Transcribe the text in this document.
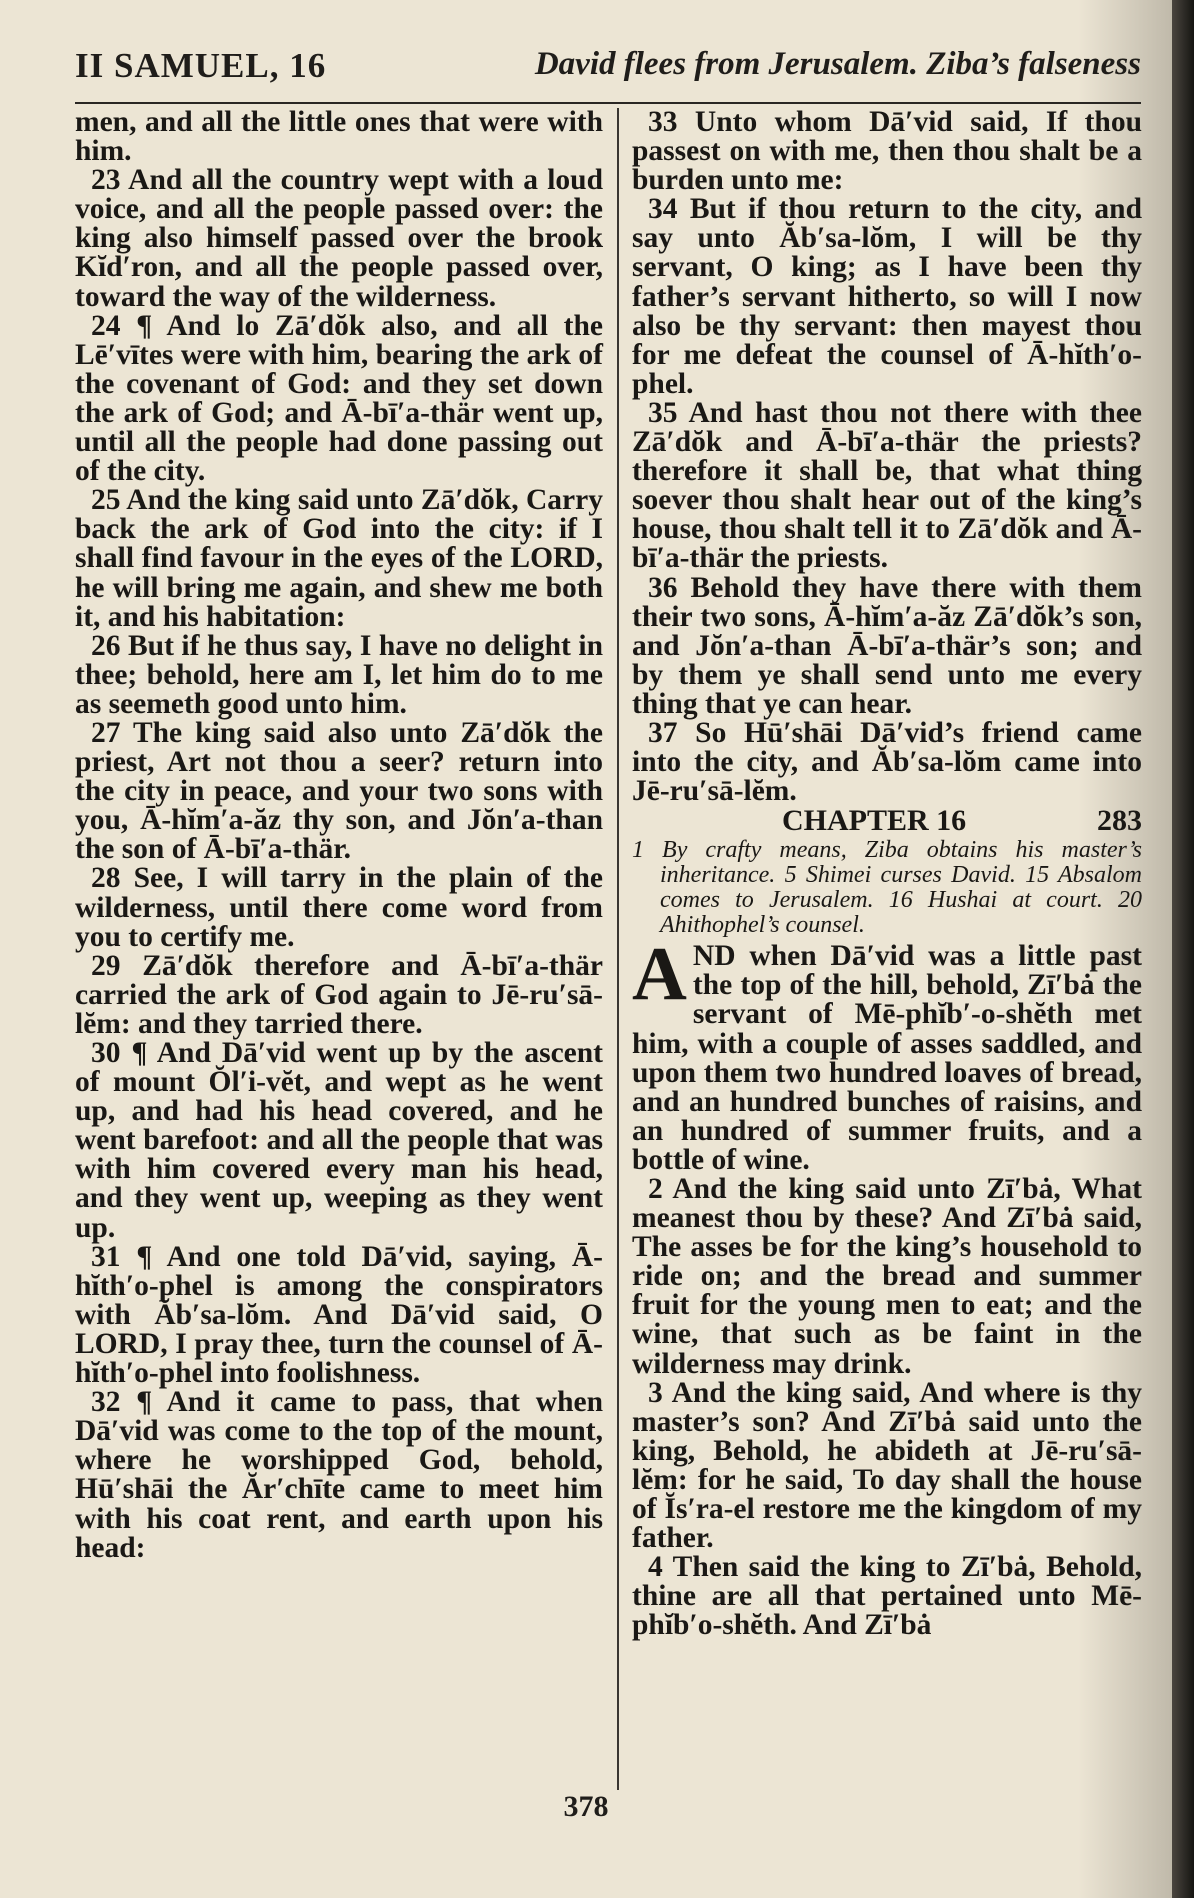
II SAMUEL, 16	David flees from Jerusalem. Ziba’s falseness

men, and all the little ones that were with him.

23 And all the country wept with a loud voice, and all the people passed over: the king also himself passed over the brook Kĭd′ron, and all the people passed over, toward the way of the wilderness.

24 ¶ And lo Zā′dŏk also, and all the Lē′vītes were with him, bearing the ark of the covenant of God: and they set down the ark of God; and Ā-bī′a-thär went up, until all the people had done passing out of the city.

25 And the king said unto Zā′dŏk, Carry back the ark of God into the city: if I shall find favour in the eyes of the LORD, he will bring me again, and shew me both it, and his habitation:

26 But if he thus say, I have no delight in thee; behold, here am I, let him do to me as seemeth good unto him.

27 The king said also unto Zā′dŏk the priest, Art not thou a seer? return into the city in peace, and your two sons with you, Ā-hĭm′a-ăz thy son, and Jŏn′a-than the son of Ā-bī′a-thär.

28 See, I will tarry in the plain of the wilderness, until there come word from you to certify me.

29 Zā′dŏk therefore and Ā-bī′a-thär carried the ark of God again to Jē-ru′sā-lĕm: and they tarried there.

30 ¶ And Dā′vid went up by the ascent of mount Ŏl′i-vĕt, and wept as he went up, and had his head covered, and he went barefoot: and all the people that was with him covered every man his head, and they went up, weeping as they went up.

31 ¶ And one told Dā′vid, saying, Ā-hĭth′o-phel is among the conspirators with Ăb′sa-lŏm. And Dā′vid said, O LORD, I pray thee, turn the counsel of Ā-hĭth′o-phel into foolishness.

32 ¶ And it came to pass, that when Dā′vid was come to the top of the mount, where he worshipped God, behold, Hū′shāi the Ăr′chīte came to meet him with his coat rent, and earth upon his head:

33 Unto whom Dā′vid said, If thou passest on with me, then thou shalt be a burden unto me:

34 But if thou return to the city, and say unto Ăb′sa-lŏm, I will be thy servant, O king; as I have been thy father’s servant hitherto, so will I now also be thy servant: then mayest thou for me defeat the counsel of Ā-hĭth′o-phel.

35 And hast thou not there with thee Zā′dŏk and Ā-bī′a-thär the priests? therefore it shall be, that what thing soever thou shalt hear out of the king’s house, thou shalt tell it to Zā′dŏk and Ā-bī′a-thär the priests.

36 Behold they have there with them their two sons, Ā-hĭm′a-ăz Zā′dŏk’s son, and Jŏn′a-than Ā-bī′a-thär’s son; and by them ye shall send unto me every thing that ye can hear.

37 So Hū′shāi Dā′vid’s friend came into the city, and Ăb′sa-lŏm came into Jē-ru′sā-lĕm.

CHAPTER 16	283

1 By crafty means, Ziba obtains his master’s inheritance. 5 Shimei curses David. 15 Absalom comes to Jerusalem. 16 Hushai at court. 20 Ahithophel’s counsel.

A ND when Dā′vid was a little past the top of the hill, behold, Zī′bȧ the servant of Mē-phĭb′-o-shĕth met him, with a couple of asses saddled, and upon them two hundred loaves of bread, and an hundred bunches of raisins, and an hundred of summer fruits, and a bottle of wine.

2 And the king said unto Zī′bȧ, What meanest thou by these? And Zī′bȧ said, The asses be for the king’s household to ride on; and the bread and summer fruit for the young men to eat; and the wine, that such as be faint in the wilderness may drink.

3 And the king said, And where is thy master’s son? And Zī′bȧ said unto the king, Behold, he abideth at Jē-ru′sā-lĕm: for he said, To day shall the house of Ĭs′ra-el restore me the kingdom of my father.

4 Then said the king to Zī′bȧ, Behold, thine are all that pertained unto Mē-phĭb′o-shĕth. And Zī′bȧ

378
